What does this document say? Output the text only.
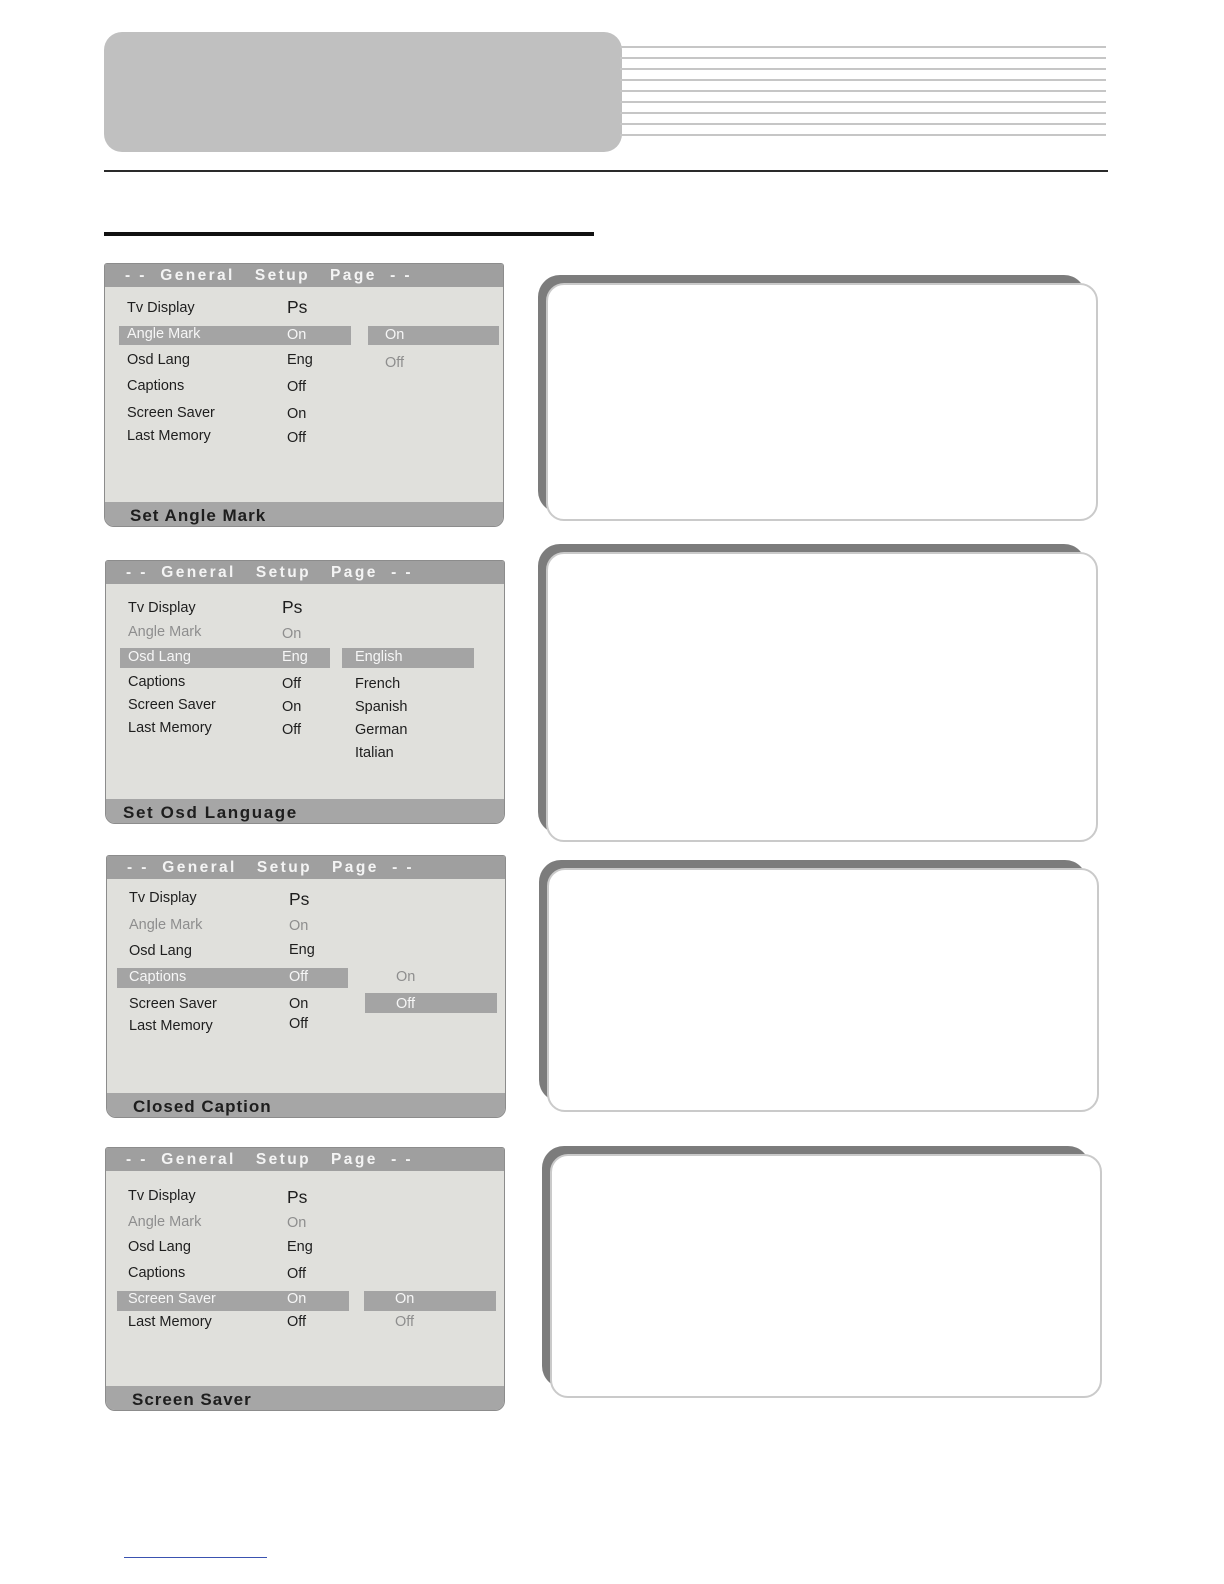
- -  General   Setup   Page  - -
Tv Display	Ps
Angle Mark	On
Osd Lang	Eng
Captions	Off
Screen Saver	On
Last Memory	Off
On
Off
Set Angle Mark
- -  General   Setup   Page  - -
Tv Display	Ps
Angle Mark	On
Osd Lang	Eng
Captions	Off
Screen Saver	On
Last Memory	Off
English
French
Spanish
German
Italian
Set Osd Language
- -  General   Setup   Page  - -
Tv Display	Ps
Angle Mark	On
Osd Lang	Eng
Captions	Off
Screen Saver	On
Last Memory	Off
On
Off
Closed Caption
- -  General   Setup   Page  - -
Tv Display	Ps
Angle Mark	On
Osd Lang	Eng
Captions	Off
Screen Saver	On
Last Memory	Off
On
Off
Screen Saver
